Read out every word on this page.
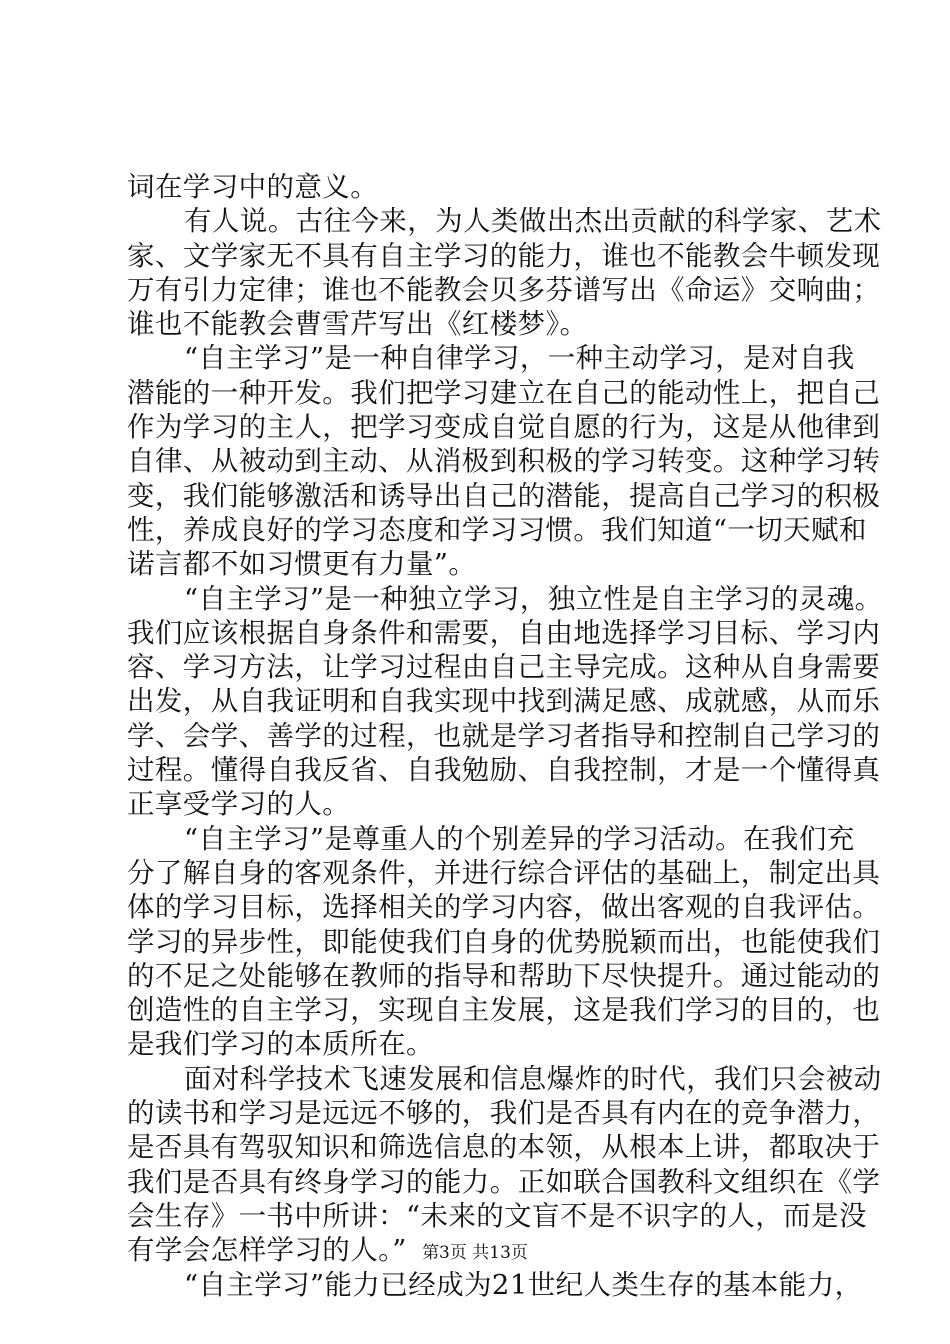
词在学习中的意义。
有人说。古往今来，为人类做出杰出贡献的科学家、艺术
家、文学家无不具有自主学习的能力，谁也不能教会牛顿发现
万有引力定律；谁也不能教会贝多芬谱写出《命运》交响曲；
谁也不能教会曹雪芹写出《红楼梦》。
“自主学习”是一种自律学习，一种主动学习，是对自我
潜能的一种开发。我们把学习建立在自己的能动性上，把自己
作为学习的主人，把学习变成自觉自愿的行为，这是从他律到
自律、从被动到主动、从消极到积极的学习转变。这种学习转
变，我们能够激活和诱导出自己的潜能，提高自己学习的积极
性，养成良好的学习态度和学习习惯。我们知道“一切天赋和
诺言都不如习惯更有力量”。
“自主学习”是一种独立学习，独立性是自主学习的灵魂。
我们应该根据自身条件和需要，自由地选择学习目标、学习内
容、学习方法，让学习过程由自己主导完成。这种从自身需要
出发，从自我证明和自我实现中找到满足感、成就感，从而乐
学、会学、善学的过程，也就是学习者指导和控制自己学习的
过程。懂得自我反省、自我勉励、自我控制，才是一个懂得真
正享受学习的人。
“自主学习”是尊重人的个别差异的学习活动。在我们充
分了解自身的客观条件，并进行综合评估的基础上，制定出具
体的学习目标，选择相关的学习内容，做出客观的自我评估。
学习的异步性，即能使我们自身的优势脱颖而出，也能使我们
的不足之处能够在教师的指导和帮助下尽快提升。通过能动的
创造性的自主学习，实现自主发展，这是我们学习的目的，也
是我们学习的本质所在。
面对科学技术飞速发展和信息爆炸的时代，我们只会被动
的读书和学习是远远不够的，我们是否具有内在的竞争潜力，
是否具有驾驭知识和筛选信息的本领，从根本上讲，都取决于
我们是否具有终身学习的能力。正如联合国教科文组织在《学
会生存》一书中所讲：“未来的文盲不是不识字的人，而是没
有学会怎样学习的人。”
“自主学习”能力已经成为21世纪人类生存的基本能力，
第3页 共13页
